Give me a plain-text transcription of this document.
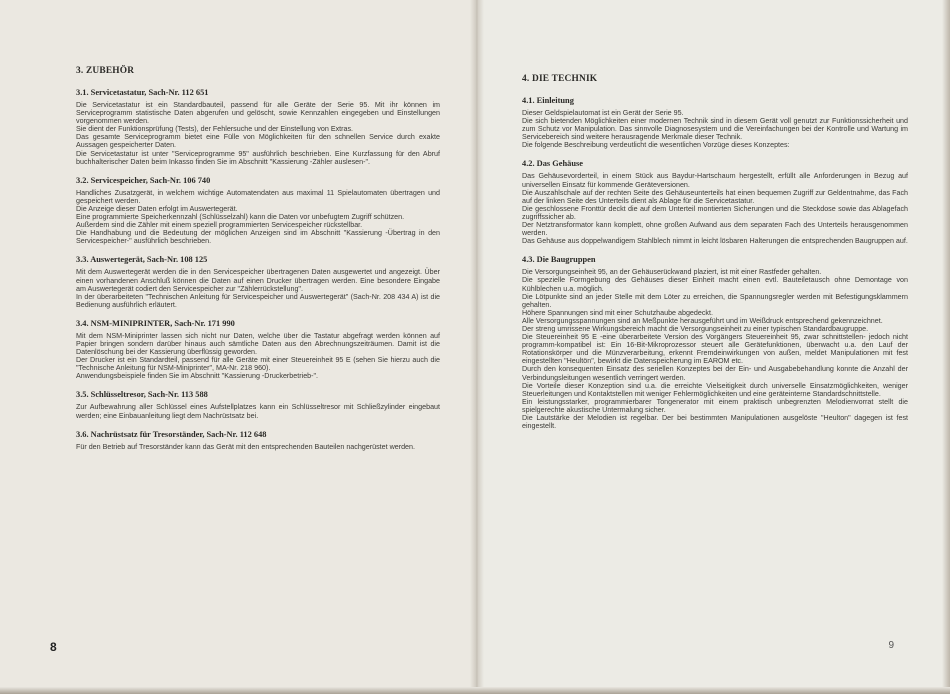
3. ZUBEHÖR
3.1. Servicetastatur, Sach-Nr. 112 651

Die Servicetastatur ist ein Standardbauteil, passend für alle Geräte der Serie 95. Mit ihr können im Serviceprogramm statistische Daten abgerufen und gelöscht, sowie Kennzahlen eingegeben und Einstellungen vorgenommen werden.

Sie dient der Funktionsprüfung (Tests), der Fehlersuche und der Einstellung von Extras.

Das gesamte Serviceprogramm bietet eine Fülle von Möglichkeiten für den schnellen Service durch exakte Aussagen gespeicherter Daten.

Die Servicetastatur ist unter "Serviceprogramme 95" ausführlich beschrieben. Eine Kurzfassung für den Abruf buchhalterischer Daten beim Inkasso finden Sie im Abschnitt "Kassierung -Zähler auslesen-".

3.2. Servicespeicher, Sach-Nr. 106 740

Handliches Zusatzgerät, in welchem wichtige Automatendaten aus maximal 11 Spielautomaten übertragen und gespeichert werden.

Die Anzeige dieser Daten erfolgt im Auswertegerät.

Eine programmierte Speicherkennzahl (Schlüsselzahl) kann die Daten vor unbefugtem Zugriff schützen.

Außerdem sind die Zähler mit einem speziell programmierten Servicespeicher rückstellbar.

Die Handhabung und die Bedeutung der möglichen Anzeigen sind im Abschnitt "Kassierung -Übertrag in den Servicespeicher-" ausführlich beschrieben.

3.3. Auswertegerät, Sach-Nr. 108 125

Mit dem Auswertegerät werden die in den Servicespeicher übertragenen Daten ausgewertet und angezeigt. Über einen vorhandenen Anschluß können die Daten auf einen Drucker übertragen werden. Eine besondere Eingabe am Auswertegerät codiert den Servicespeicher zur "Zählerrückstellung".

In der überarbeiteten "Technischen Anleitung für Servicespeicher und Auswertegerät" (Sach-Nr. 208 434 A) ist die Bedienung ausführlich erläutert.

3.4. NSM-MINIPRINTER, Sach-Nr. 171 990

Mit dem NSM-Miniprinter lassen sich nicht nur Daten, welche über die Tastatur abgefragt werden können auf Papier bringen sondern darüber hinaus auch sämtliche Daten aus den Abrechnungszeiträumen. Damit ist die Datenlöschung bei der Kassierung überflüssig geworden.

Der Drucker ist ein Standardteil, passend für alle Geräte mit einer Steuereinheit 95 E (sehen Sie hierzu auch die "Technische Anleitung für NSM-Miniprinter", MA-Nr. 218 960).

Anwendungsbeispiele finden Sie im Abschnitt "Kassierung -Druckerbetrieb-".

3.5. Schlüsseltresor, Sach-Nr. 113 588

Zur Aufbewahrung aller Schlüssel eines Aufstellplatzes kann ein Schlüsseltresor mit Schließzylinder eingebaut werden; eine Einbauanleitung liegt dem Nachrüstsatz bei.

3.6. Nachrüstsatz für Tresorständer, Sach-Nr. 112 648

Für den Betrieb auf Tresorständer kann das Gerät mit den entsprechenden Bauteilen nachgerüstet werden.

8
4. DIE TECHNIK
4.1. Einleitung

Dieser Geldspielautomat ist ein Gerät der Serie 95.

Die sich bietenden Möglichkeiten einer modernen Technik sind in diesem Gerät voll genutzt zur Funktionssicherheit und zum Schutz vor Manipulation. Das sinnvolle Diagnosesystem und die Vereinfachungen bei der Kontrolle und Wartung im Servicebereich sind weitere herausragende Merkmale dieser Technik.

Die folgende Beschreibung verdeutlicht die wesentlichen Vorzüge dieses Konzeptes:

4.2. Das Gehäuse

Das Gehäusevorderteil, in einem Stück aus Baydur-Hartschaum hergestellt, erfüllt alle Anforderungen in Bezug auf universellen Einsatz für kommende Geräteversionen.

Die Auszahlschale auf der rechten Seite des Gehäuseunterteils hat einen bequemen Zugriff zur Geldentnahme, das Fach auf der linken Seite des Unterteils dient als Ablage für die Servicetastatur.

Die geschlossene Fronttür deckt die auf dem Unterteil montierten Sicherungen und die Steckdose sowie das Ablagefach zugriffssicher ab.

Der Netztransformator kann komplett, ohne großen Aufwand aus dem separaten Fach des Unterteils herausgenommen werden.

Das Gehäuse aus doppelwandigem Stahlblech nimmt in leicht lösbaren Halterungen die entsprechenden Baugruppen auf.

4.3. Die Baugruppen

Die Versorgungseinheit 95, an der Gehäuserückwand plaziert, ist mit einer Rastfeder gehalten.

Die spezielle Formgebung des Gehäuses dieser Einheit macht einen evtl. Bauteiletausch ohne Demontage von Kühlblechen u.a. möglich.

Die Lötpunkte sind an jeder Stelle mit dem Löter zu erreichen, die Spannungsregler werden mit Befestigungsklammern gehalten.

Höhere Spannungen sind mit einer Schutzhaube abgedeckt.

Alle Versorgungsspannungen sind an Meßpunkte herausgeführt und im Weißdruck entsprechend gekennzeichnet.

Der streng umrissene Wirkungsbereich macht die Versorgungseinheit zu einer typischen Standardbaugruppe.

Die Steuereinheit 95 E -eine überarbeitete Version des Vorgängers Steuereinheit 95, zwar schnittstellen- jedoch nicht programm-kompatibel ist: Ein 16-Bit-Mikroprozessor steuert alle Gerätefunktionen, überwacht u.a. den Lauf der Rotationskörper und die Münzverarbeitung, erkennt Fremdeinwirkungen von außen, meldet Manipulationen mit fest eingestellten "Heultön", bewirkt die Datenspeicherung im EAROM etc.

Durch den konsequenten Einsatz des seriellen Konzeptes bei der Ein- und Ausgabebehandlung konnte die Anzahl der Verbindungsleitungen wesentlich verringert werden.

Die Vorteile dieser Konzeption sind u.a. die erreichte Vielseitigkeit durch universelle Einsatzmöglichkeiten, weniger Steuerleitungen und Kontaktstellen mit weniger Fehlermöglichkeiten und eine geräteinterne Standardschnittstelle.

Ein leistungsstarker, programmierbarer Tongenerator mit einem praktisch unbegrenzten Melodienvorrat stellt die spielgerechte akustische Untermalung sicher.

Die Lautstärke der Melodien ist regelbar. Der bei bestimmten Manipulationen ausgelöste "Heulton" dagegen ist fest eingestellt.

9
